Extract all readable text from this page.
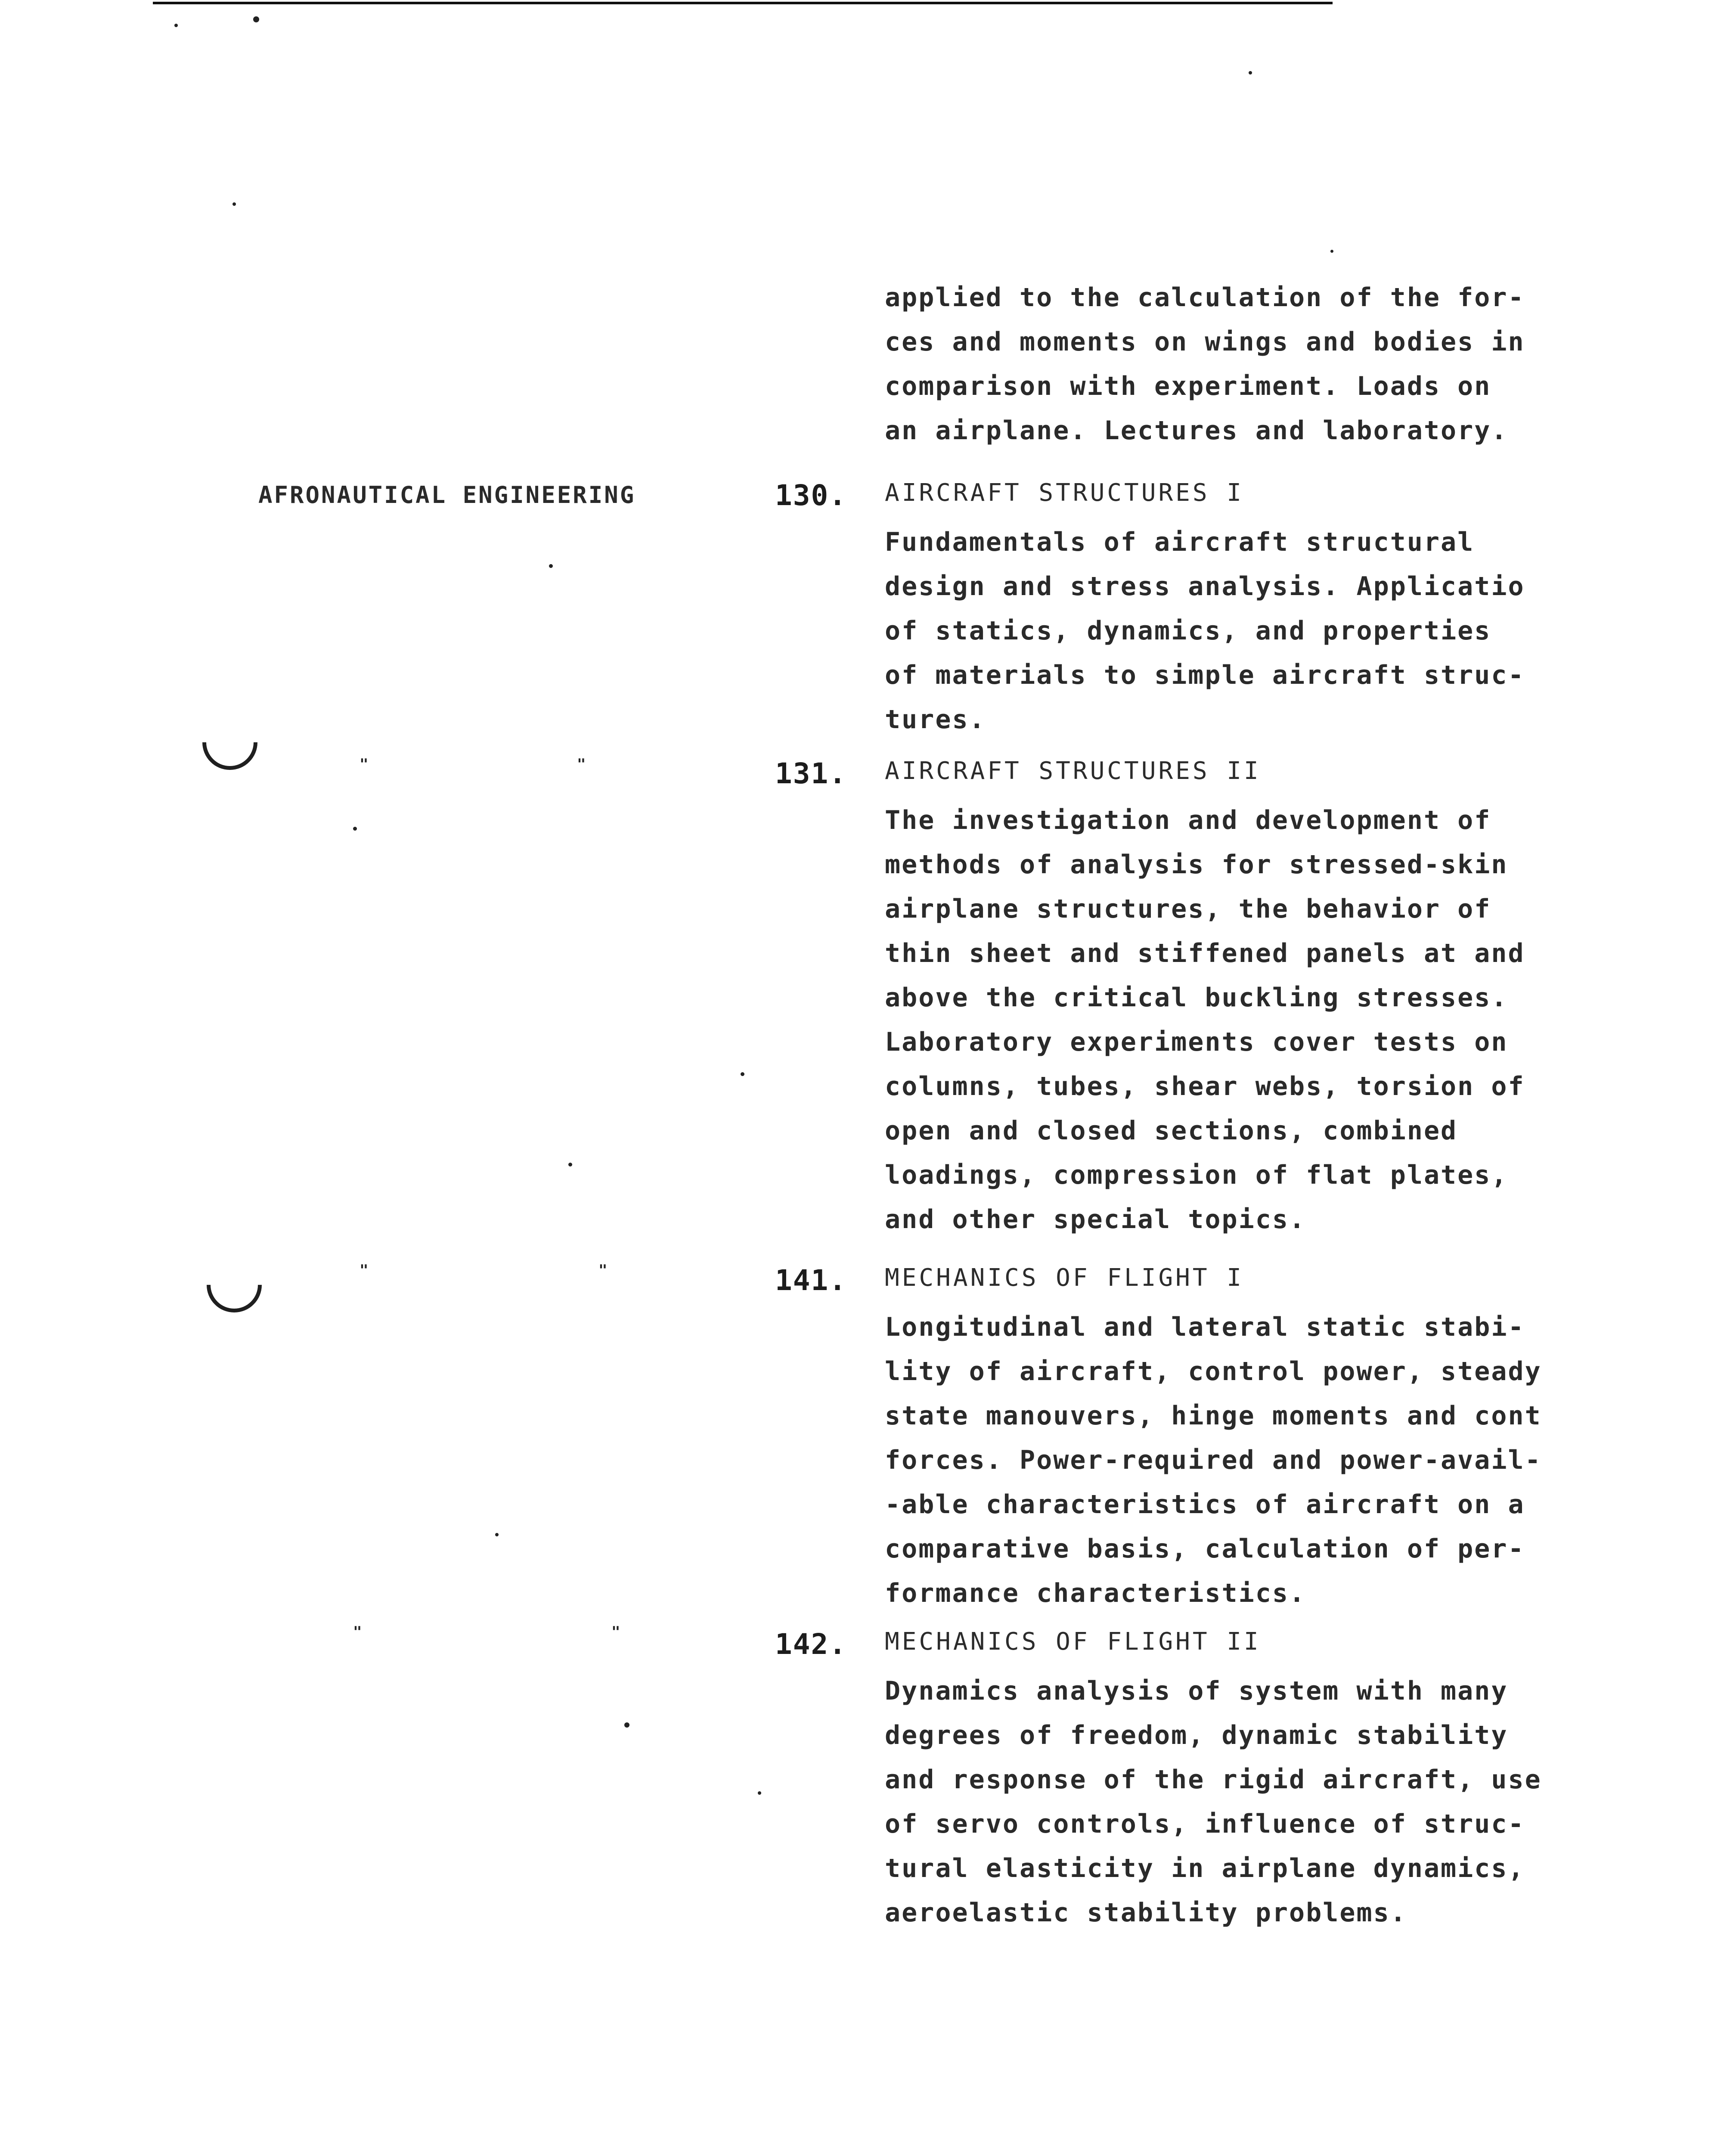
"	"
"	"
"	"
AFRONAUTICAL ENGINEERING
applied to the calculation of the for-
ces and moments on wings and bodies in
comparison with experiment. Loads on
an airplane. Lectures and laboratory.
130. AIRCRAFT STRUCTURES I
Fundamentals of aircraft structural
design and stress analysis. Applicatio
of statics, dynamics, and properties
of materials to simple aircraft struc-
tures.
131. AIRCRAFT STRUCTURES II
The investigation and development of
methods of analysis for stressed-skin
airplane structures, the behavior of
thin sheet and stiffened panels at and
above the critical buckling stresses.
Laboratory experiments cover tests on
columns, tubes, shear webs, torsion of
open and closed sections, combined
loadings, compression of flat plates,
and other special topics.
141. MECHANICS OF FLIGHT I
Longitudinal and lateral static stabi-
lity of aircraft, control power, steady
state manouvers, hinge moments and cont
forces. Power-required and power-avail-
-able characteristics of aircraft on a
comparative basis, calculation of per-
formance characteristics.
142. MECHANICS OF FLIGHT II
Dynamics analysis of system with many
degrees of freedom, dynamic stability
and response of the rigid aircraft, use
of servo controls, influence of struc-
tural elasticity in airplane dynamics,
aeroelastic stability problems.
